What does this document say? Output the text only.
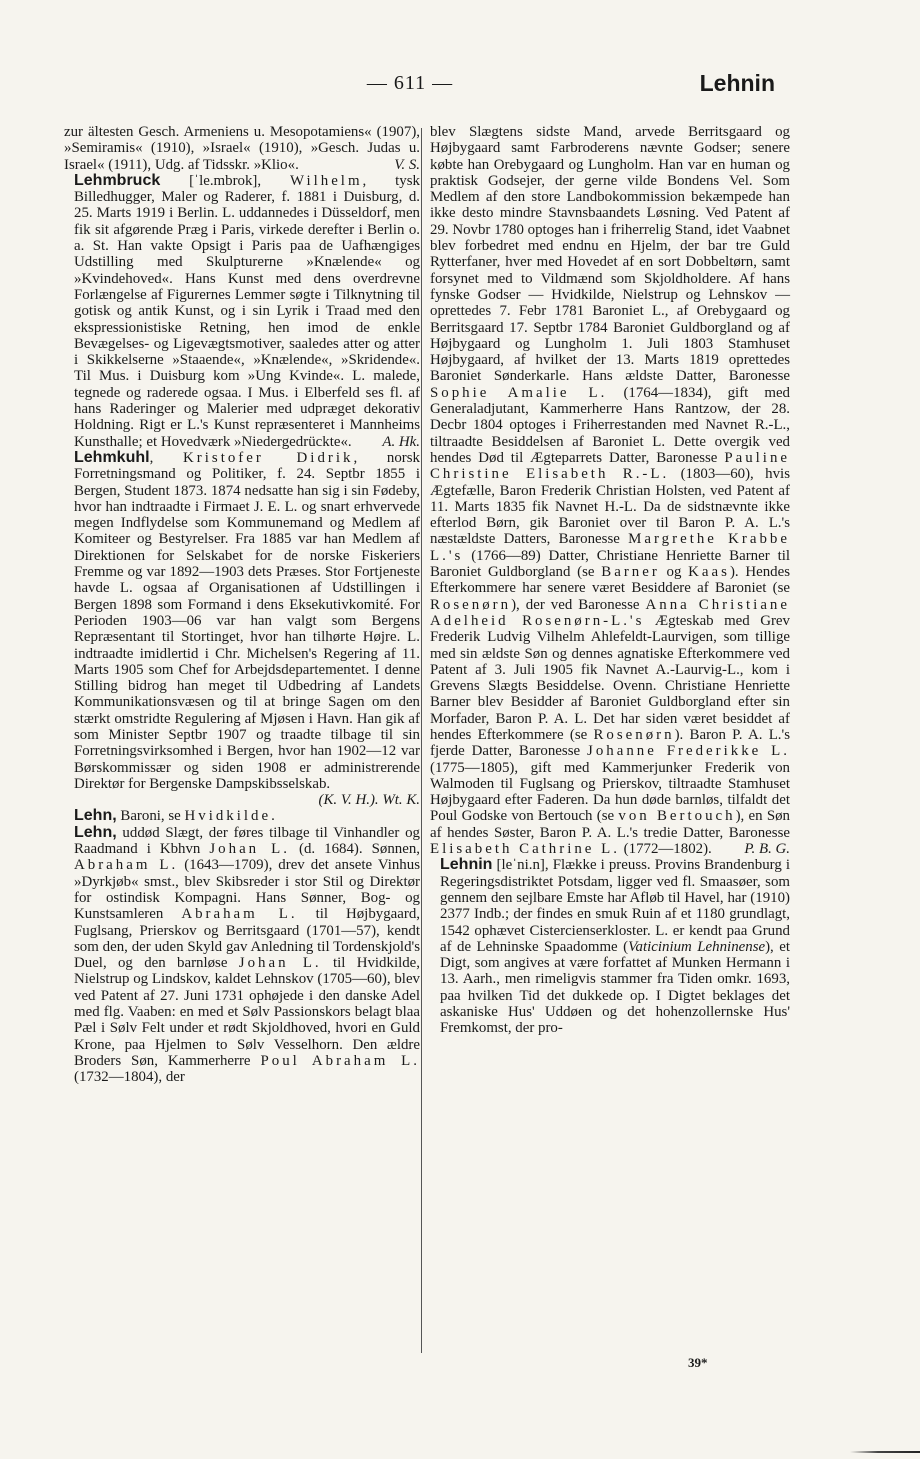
— 611 —	Lehnin

zur ältesten Gesch. Armeniens u. Mesopotamiens« (1907), »Semiramis« (1910), »Israel« (1910), »Gesch. Judas u. Israel« (1911), Udg. af Tidsskr. »Klio«.	V. S.

Lehmbruck [ˈle.mbrok], Wilhelm, tysk Billedhugger, Maler og Raderer, f. 1881 i Duisburg, d. 25. Marts 1919 i Berlin. L. uddannedes i Düsseldorf, men fik sit afgørende Præg i Paris, virkede derefter i Berlin o. a. St. Han vakte Opsigt i Paris paa de Uafhængiges Udstilling med Skulpturerne »Knælende« og »Kvindehoved«. Hans Kunst med dens overdrevne Forlængelse af Figurernes Lemmer søgte i Tilknytning til gotisk og antik Kunst, og i sin Lyrik i Traad med den ekspressionistiske Retning, hen imod de enkle Bevægelses- og Ligevægtsmotiver, saaledes atter og atter i Skikkelserne »Staaende«, »Knælende«, »Skridende«. Til Mus. i Duisburg kom »Ung Kvinde«. L. malede, tegnede og raderede ogsaa. I Mus. i Elberfeld ses fl. af hans Raderinger og Malerier med udpræget dekorativ Holdning. Rigt er L.'s Kunst repræsenteret i Mannheims Kunsthalle; et Hovedværk »Niedergedrückte«. A. Hk.

Lehmkuhl, Kristofer Didrik, norsk Forretningsmand og Politiker, f. 24. Septbr 1855 i Bergen, Student 1873. 1874 nedsatte han sig i sin Fødeby, hvor han indtraadte i Firmaet J. E. L. og snart erhvervede megen Indflydelse som Kommunemand og Medlem af Komiteer og Bestyrelser. Fra 1885 var han Medlem af Direktionen for Selskabet for de norske Fiskeriers Fremme og var 1892—1903 dets Præses. Stor Fortjeneste havde L. ogsaa af Organisationen af Udstillingen i Bergen 1898 som Formand i dens Eksekutivkomité. For Perioden 1903—06 var han valgt som Bergens Repræsentant til Stortinget, hvor han tilhørte Højre. L. indtraadte imidlertid i Chr. Michelsen's Regering af 11. Marts 1905 som Chef for Arbejdsdepartementet. I denne Stilling bidrog han meget til Udbedring af Landets Kommunikationsvæsen og til at bringe Sagen om den stærkt omstridte Regulering af Mjøsen i Havn. Han gik af som Minister Septbr 1907 og traadte tilbage til sin Forretningsvirksomhed i Bergen, hvor han 1902—12 var Børskommissær og siden 1908 er administrerende Direktør for Bergenske Dampskibsselskab.
(K. V. H.). Wt. K.

Lehn, Baroni, se Hvidkilde.

Lehn, uddød Slægt, der føres tilbage til Vinhandler og Raadmand i Kbhvn Johan L. (d. 1684). Sønnen, Abraham L. (1643—1709), drev det ansete Vinhus »Dyrkjøb« smst., blev Skibsreder i stor Stil og Direktør for ostindisk Kompagni. Hans Sønner, Bog- og Kunstsamleren Abraham L. til Højbygaard, Fuglsang, Prierskov og Berritsgaard (1701—57), kendt som den, der uden Skyld gav Anledning til Tordenskjold's Duel, og den barnløse Johan L. til Hvidkilde, Nielstrup og Lindskov, kaldet Lehnskov (1705—60), blev ved Patent af 27. Juni 1731 ophøjede i den danske Adel med flg. Vaaben: en med et Sølv Passionskors belagt blaa Pæl i Sølv Felt under et rødt Skjoldhoved, hvori en Guld Krone, paa Hjelmen to Sølv Vesselhorn. Den ældre Broders Søn, Kammerherre Poul Abraham L. (1732—1804), der

blev Slægtens sidste Mand, arvede Berritsgaard og Højbygaard samt Farbroderens nævnte Godser; senere købte han Orebygaard og Lungholm. Han var en human og praktisk Godsejer, der gerne vilde Bondens Vel. Som Medlem af den store Landbokommission bekæmpede han ikke desto mindre Stavnsbaandets Løsning. Ved Patent af 29. Novbr 1780 optoges han i friherrelig Stand, idet Vaabnet blev forbedret med endnu en Hjelm, der bar tre Guld Rytterfaner, hver med Hovedet af en sort Dobbeltørn, samt forsynet med to Vildmænd som Skjoldholdere. Af hans fynske Godser — Hvidkilde, Nielstrup og Lehnskov — oprettedes 7. Febr 1781 Baroniet L., af Orebygaard og Berritsgaard 17. Septbr 1784 Baroniet Guldborgland og af Højbygaard og Lungholm 1. Juli 1803 Stamhuset Højbygaard, af hvilket der 13. Marts 1819 oprettedes Baroniet Sønderkarle. Hans ældste Datter, Baronesse Sophie Amalie L. (1764—1834), gift med Generaladjutant, Kammerherre Hans Rantzow, der 28. Decbr 1804 optoges i Friherrestanden med Navnet R.-L., tiltraadte Besiddelsen af Baroniet L. Dette overgik ved hendes Død til Ægteparrets Datter, Baronesse Pauline Christine Elisabeth R.-L. (1803—60), hvis Ægtefælle, Baron Frederik Christian Holsten, ved Patent af 11. Marts 1835 fik Navnet H.-L. Da de sidstnævnte ikke efterlod Børn, gik Baroniet over til Baron P. A. L.'s næstældste Datters, Baronesse Margrethe Krabbe L.'s (1766—89) Datter, Christiane Henriette Barner til Baroniet Guldborgland (se Barner og Kaas). Hendes Efterkommere har senere været Besiddere af Baroniet (se Rosenørn), der ved Baronesse Anna Christiane Adelheid Rosenørn-L.'s Ægteskab med Grev Frederik Ludvig Vilhelm Ahlefeldt-Laurvigen, som tillige med sin ældste Søn og dennes agnatiske Efterkommere ved Patent af 3. Juli 1905 fik Navnet A.-Laurvig-L., kom i Grevens Slægts Besiddelse. Ovenn. Christiane Henriette Barner blev Besidder af Baroniet Guldborgland efter sin Morfader, Baron P. A. L. Det har siden været besiddet af hendes Efterkommere (se Rosenørn). Baron P. A. L.'s fjerde Datter, Baronesse Johanne Frederikke L. (1775—1805), gift med Kammerjunker Frederik von Walmoden til Fuglsang og Prierskov, tiltraadte Stamhuset Højbygaard efter Faderen. Da hun døde barnløs, tilfaldt det Poul Godske von Bertouch (se von Bertouch), en Søn af hendes Søster, Baron P. A. L.'s tredie Datter, Baronesse Elisabeth Cathrine L. (1772—1802). P. B. G.

Lehnin [leˈni.n], Flække i preuss. Provins Brandenburg i Regeringsdistriktet Potsdam, ligger ved fl. Smaasøer, som gennem den sejlbare Emste har Afløb til Havel, har (1910) 2377 Indb.; der findes en smuk Ruin af et 1180 grundlagt, 1542 ophævet Cistercienserkloster. L. er kendt paa Grund af de Lehninske Spaadomme (Vaticinium Lehninense), et Digt, som angives at være forfattet af Munken Hermann i 13. Aarh., men rimeligvis stammer fra Tiden omkr. 1693, paa hvilken Tid det dukkede op. I Digtet beklages det askaniske Hus' Uddøen og det hohenzollernske Hus' Fremkomst, der pro-

39*
